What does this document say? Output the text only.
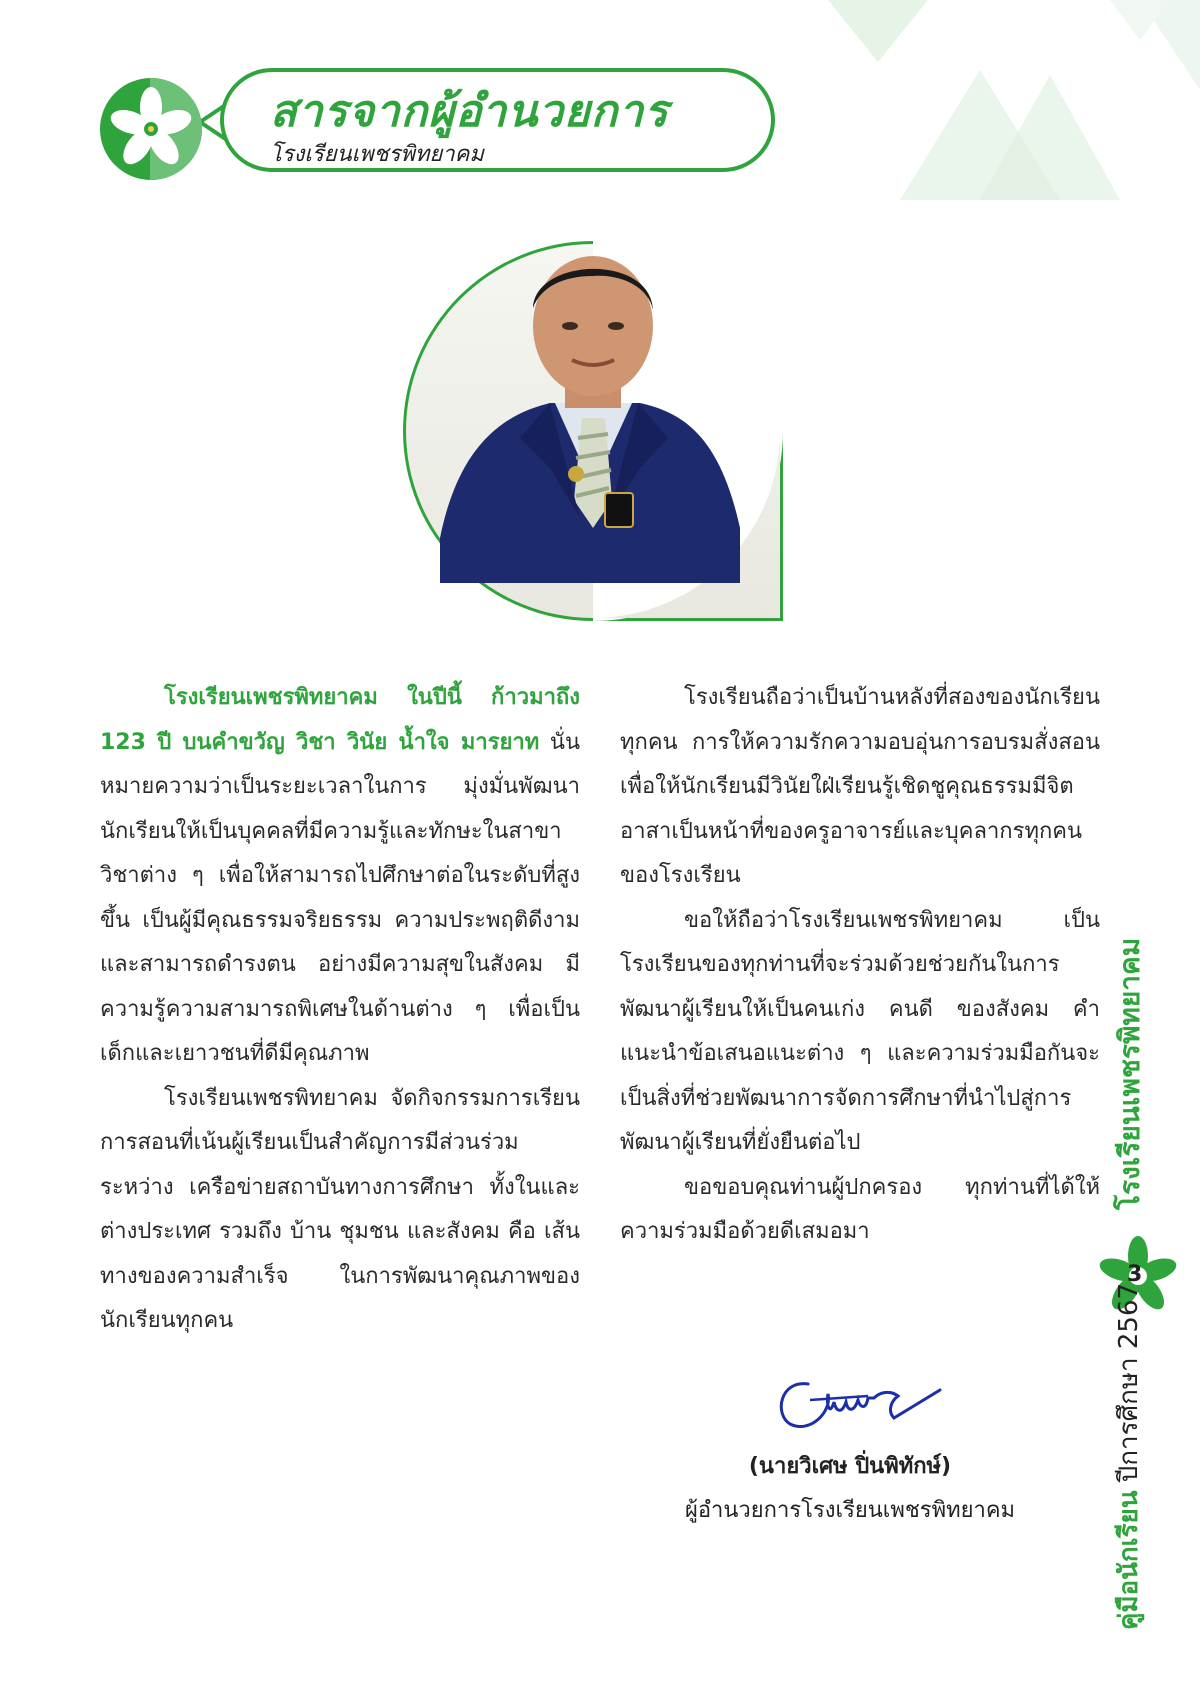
สารจากผู้อำนวยการ
โรงเรียนเพชรพิทยาคม

โรงเรียนเพชรพิทยาคม ในปีนี้ ก้าวมาถึง 123 ปี บนคำขวัญ วิชา วินัย น้ำใจ มารยาท นั่นหมายความว่าเป็นระยะเวลาในการ มุ่งมั่นพัฒนานักเรียนให้เป็นบุคคลที่มีความรู้และทักษะในสาขา วิชาต่าง ๆ เพื่อให้สามารถไปศึกษาต่อในระดับที่สูงขึ้น เป็นผู้มีคุณธรรมจริยธรรม ความประพฤติดีงาม และสามารถดำรงตน อย่างมีความสุขในสังคม มีความรู้ความสามารถพิเศษในด้านต่าง ๆ เพื่อเป็นเด็กและเยาวชนที่ดีมีคุณภาพ

โรงเรียนเพชรพิทยาคม จัดกิจกรรมการเรียนการสอนที่เน้นผู้เรียนเป็นสำคัญการมีส่วนร่วมระหว่าง เครือข่ายสถาบันทางการศึกษา ทั้งในและต่างประเทศ รวมถึง บ้าน ชุมชน และสังคม คือ เส้นทางของความสำเร็จ ในการพัฒนาคุณภาพของนักเรียนทุกคน

โรงเรียนถือว่าเป็นบ้านหลังที่สองของนักเรียนทุกคน การให้ความรักความอบอุ่นการอบรมสั่งสอนเพื่อให้นักเรียนมีวินัยใฝ่เรียนรู้เชิดชูคุณธรรมมีจิตอาสาเป็นหน้าที่ของครูอาจารย์และบุคลากรทุกคนของโรงเรียน

ขอให้ถือว่าโรงเรียนเพชรพิทยาคม เป็นโรงเรียนของทุกท่านที่จะร่วมด้วยช่วยกันในการพัฒนาผู้เรียนให้เป็นคนเก่ง คนดี ของสังคม คำแนะนำข้อเสนอแนะต่าง ๆ และความร่วมมือกันจะเป็นสิ่งที่ช่วยพัฒนาการจัดการศึกษาที่นำไปสู่การพัฒนาผู้เรียนที่ยั่งยืนต่อไป

ขอขอบคุณท่านผู้ปกครอง ทุกท่านที่ได้ให้ความร่วมมือด้วยดีเสมอมา

(นายวิเศษ ปิ่นพิทักษ์)
ผู้อำนวยการโรงเรียนเพชรพิทยาคม
โรงเรียนเพชรพิทยาคม
3
คู่มือนักเรียน ปีการศึกษา 2567
